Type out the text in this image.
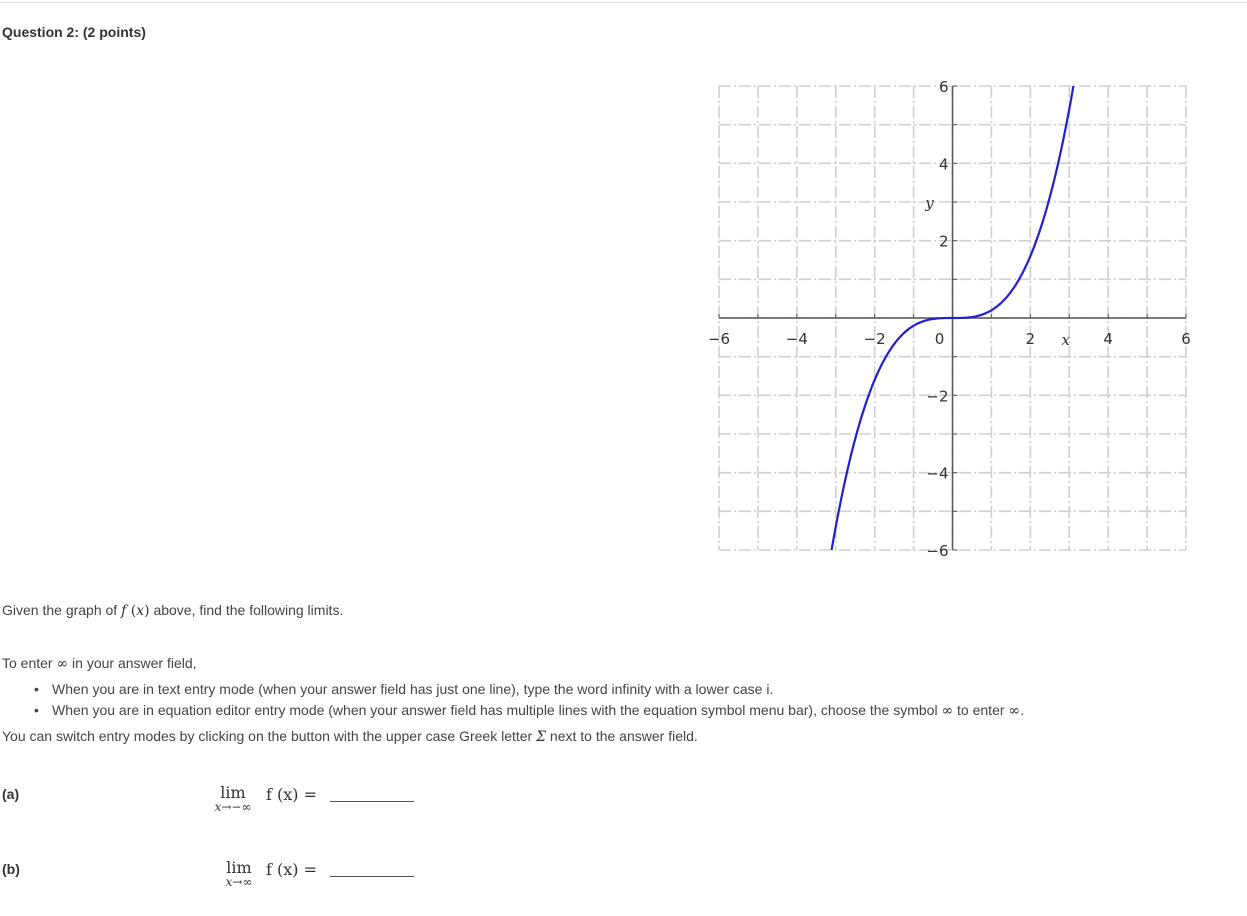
Question 2: (2 points)
−6	−4	−2	0	2	4	6
6
4
2
−2
−4
−6
x
y
Given the graph of f (x) above, find the following limits.
To enter ∞ in your answer field,
• When you are in text entry mode (when your answer field has just one line), type the word infinity with a lower case i.
• When you are in equation editor entry mode (when your answer field has multiple lines with the equation symbol menu bar), choose the symbol ∞ to enter ∞.
You can switch entry modes by clicking on the button with the upper case Greek letter Σ next to the answer field.
(a)	lim
x→−∞
f (x) =
(b)	lim
x→∞
f (x) =
